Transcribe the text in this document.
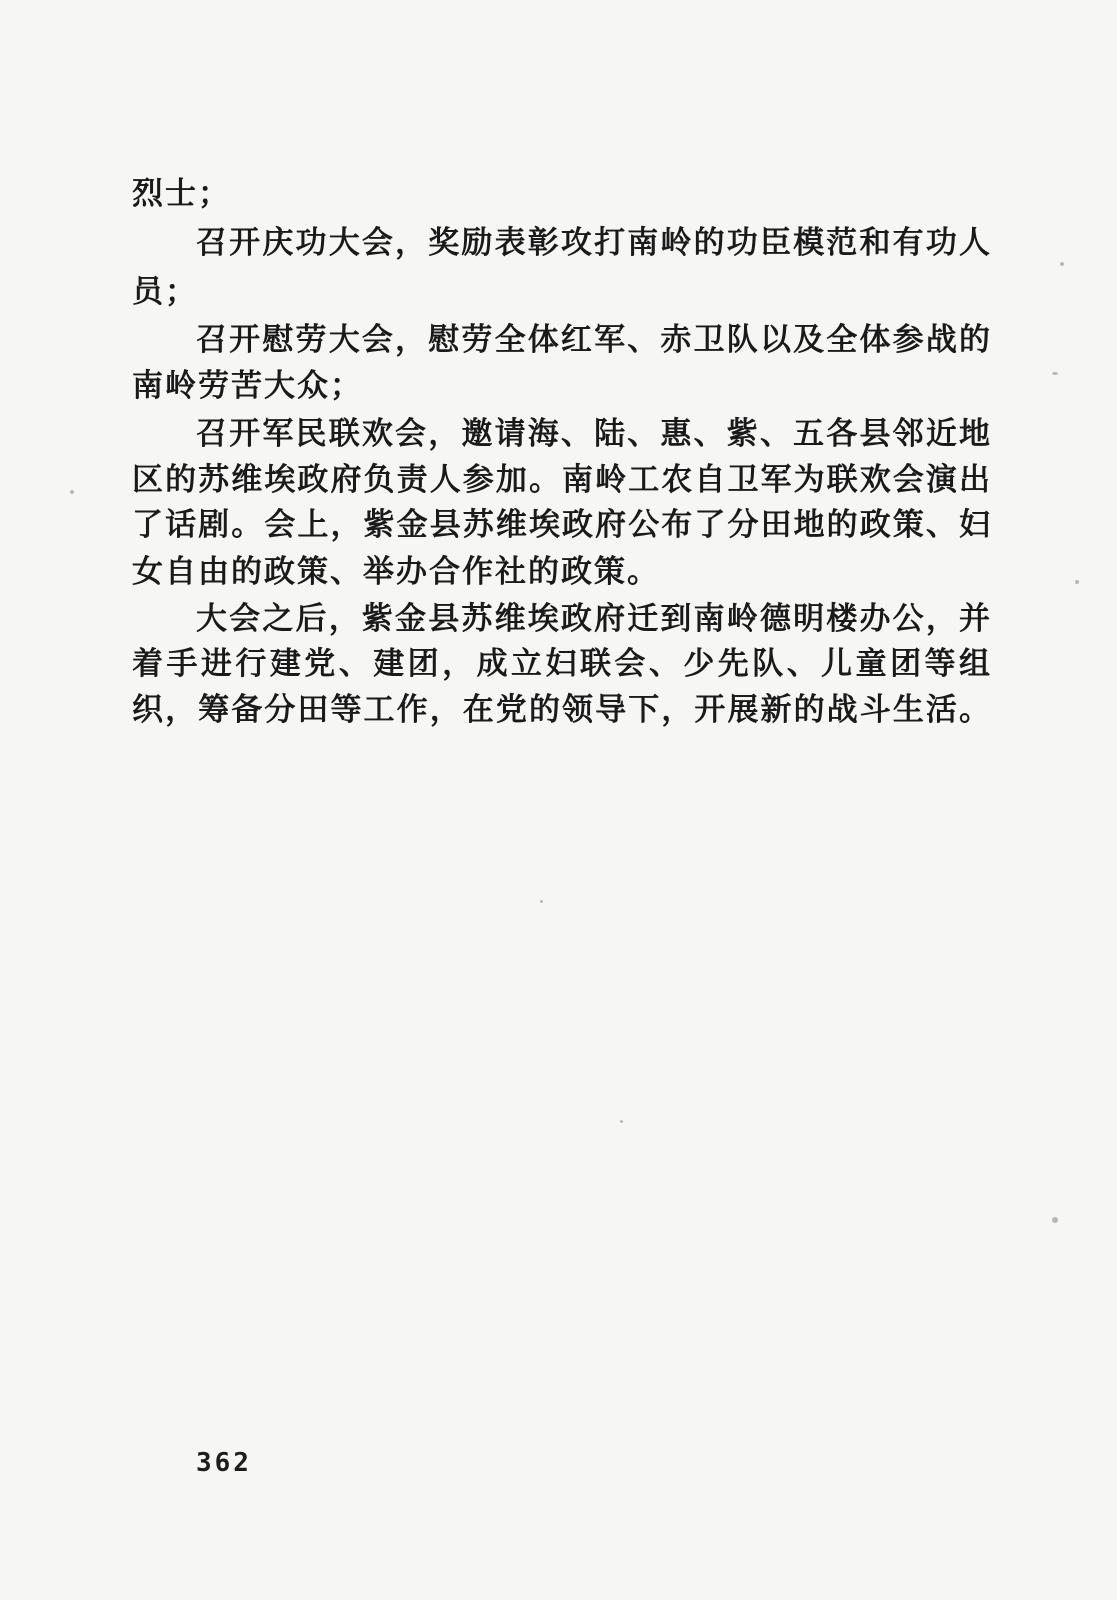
烈士；
召开庆功大会，奖励表彰攻打南岭的功臣模范和有功人
员；
召开慰劳大会，慰劳全体红军、赤卫队以及全体参战的
南岭劳苦大众；
召开军民联欢会，邀请海、陆、惠、紫、五各县邻近地
区的苏维埃政府负责人参加。南岭工农自卫军为联欢会演出
了话剧。会上，紫金县苏维埃政府公布了分田地的政策、妇
女自由的政策、举办合作社的政策。
大会之后，紫金县苏维埃政府迁到南岭德明楼办公，并
着手进行建党、建团，成立妇联会、少先队、儿童团等组
织，筹备分田等工作，在党的领导下，开展新的战斗生活。
362
